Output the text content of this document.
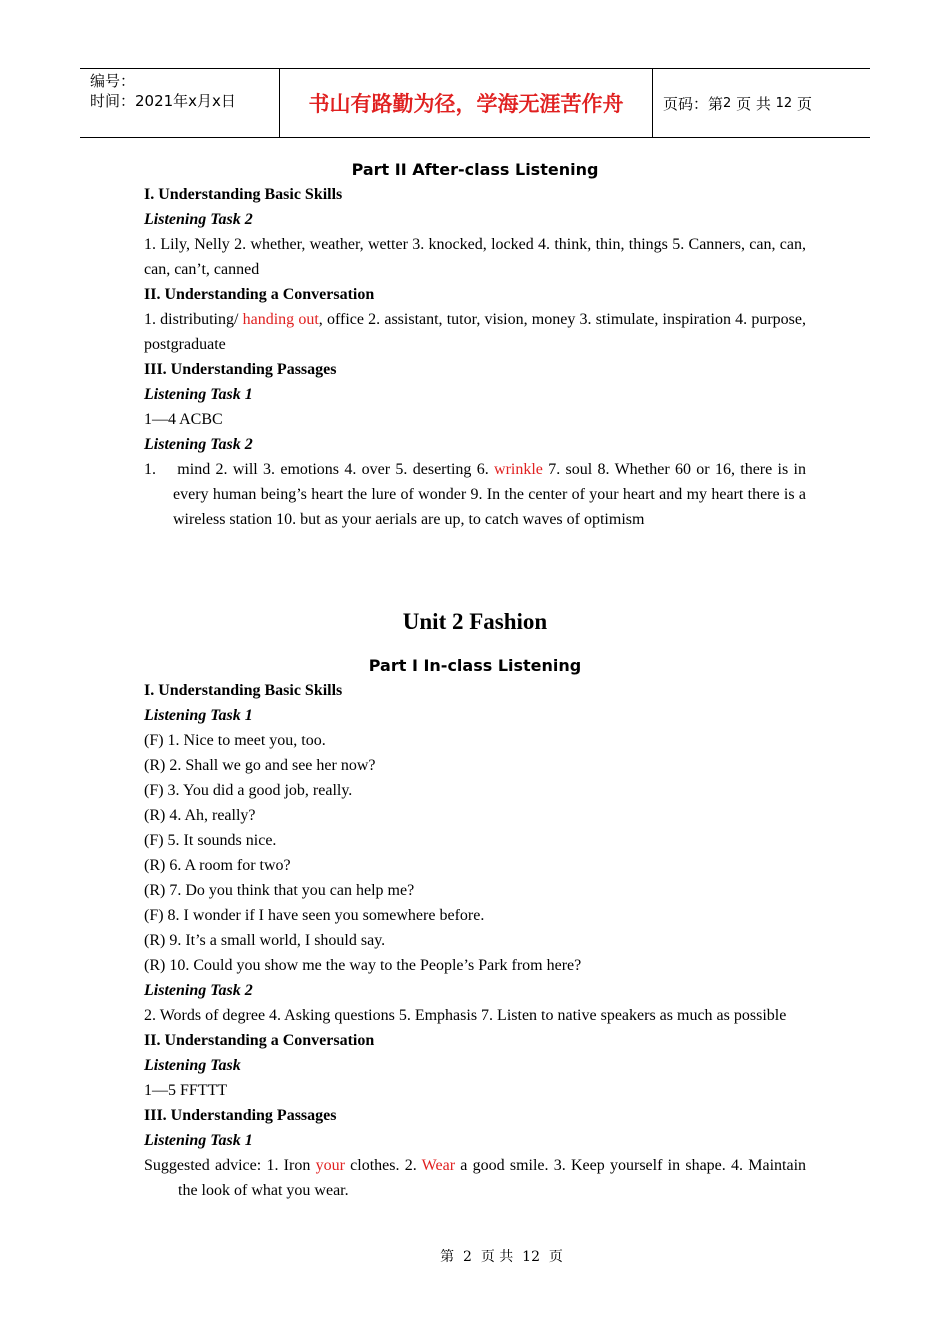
编号：
时间：2021年x月x日	书山有路勤为径，学海无涯苦作舟	页码：第 2
页 共
12
页

Part II After-class Listening

I. Understanding Basic Skills

Listening Task 2

1. Lily, Nelly 2. whether, weather, wetter 3. knocked, locked 4. think, thin, things 5. Canners, can, can, can, can’t, canned

II. Understanding a Conversation

1. distributing/ handing out, office 2. assistant, tutor, vision, money 3. stimulate, inspiration 4. purpose, postgraduate

III. Understanding Passages

Listening Task 1

1—4 ACBC

Listening Task 2

1. mind 2. will 3. emotions 4. over 5. deserting 6. wrinkle 7. soul 8. Whether 60 or 16, there is in every human being’s heart the lure of wonder 9. In the center of your heart and my heart there is a wireless station 10. but as your aerials are up, to catch waves of optimism

Unit 2 Fashion

Part I In-class Listening

I. Understanding Basic Skills

Listening Task 1

(F) 1. Nice to meet you, too.

(R) 2. Shall we go and see her now?

(F) 3. You did a good job, really.

(R) 4. Ah, really?

(F) 5. It sounds nice.

(R) 6. A room for two?

(R) 7. Do you think that you can help me?

(F) 8. I wonder if I have seen you somewhere before.

(R) 9. It’s a small world, I should say.

(R) 10. Could you show me the way to the People’s Park from here?

Listening Task 2

2. Words of degree 4. Asking questions 5. Emphasis 7. Listen to native speakers as much as possible

II. Understanding a Conversation

Listening Task

1—5 FFTTT

III. Understanding Passages

Listening Task 1

Suggested advice: 1. Iron your clothes. 2. Wear a good smile. 3. Keep yourself in shape. 4. Maintain the look of what you wear.

第 2 页 共 12 页
